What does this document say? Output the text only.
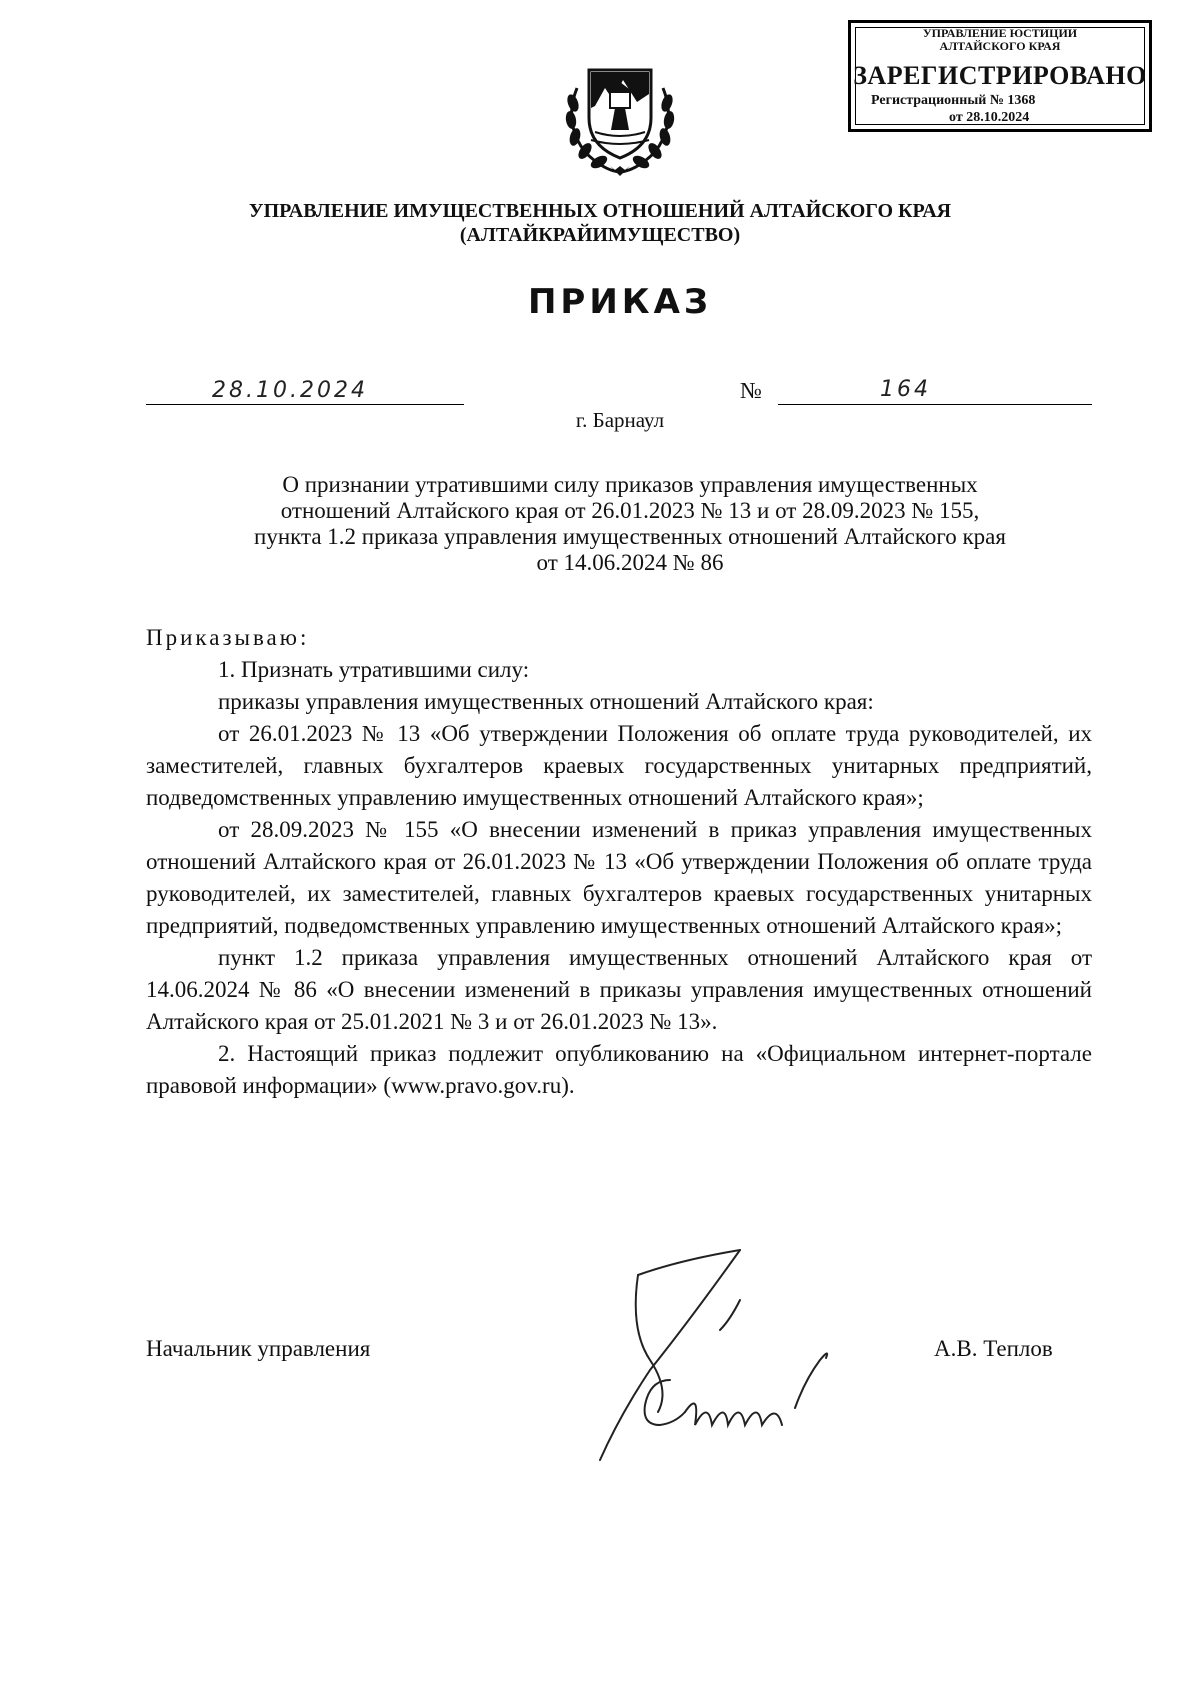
УПРАВЛЕНИЕ ЮСТИЦИИ
АЛТАЙСКОГО КРАЯ
ЗАРЕГИСТРИРОВАНО
Регистрационный № 1368
от 28.10.2024
УПРАВЛЕНИЕ ИМУЩЕСТВЕННЫХ ОТНОШЕНИЙ АЛТАЙСКОГО КРАЯ
(АЛТАЙКРАЙИМУЩЕСТВО)
ПРИКАЗ
28.10.2024	№	164
г. Барнаул
О признании утратившими силу приказов управления имущественных
отношений Алтайского края от 26.01.2023 № 13 и от 28.09.2023 № 155,
пункта 1.2 приказа управления имущественных отношений Алтайского края
от 14.06.2024 № 86
Приказываю:
1. Признать утратившими силу:
приказы управления имущественных отношений Алтайского края:
от 26.01.2023 № 13 «Об утверждении Положения об оплате труда руководителей, их заместителей, главных бухгалтеров краевых государственных унитарных предприятий, подведомственных управлению имущественных отношений Алтайского края»;
от 28.09.2023 № 155 «О внесении изменений в приказ управления имущественных отношений Алтайского края от 26.01.2023 № 13 «Об утверждении Положения об оплате труда руководителей, их заместителей, главных бухгалтеров краевых государственных унитарных предприятий, подведомственных управлению имущественных отношений Алтайского края»;
пункт 1.2 приказа управления имущественных отношений Алтайского края от 14.06.2024 № 86 «О внесении изменений в приказы управления имущественных отношений Алтайского края от 25.01.2021 № 3 и от 26.01.2023 № 13».
2. Настоящий приказ подлежит опубликованию на «Официальном интернет-портале правовой информации» (www.pravo.gov.ru).
Начальник управления	А.В. Теплов
